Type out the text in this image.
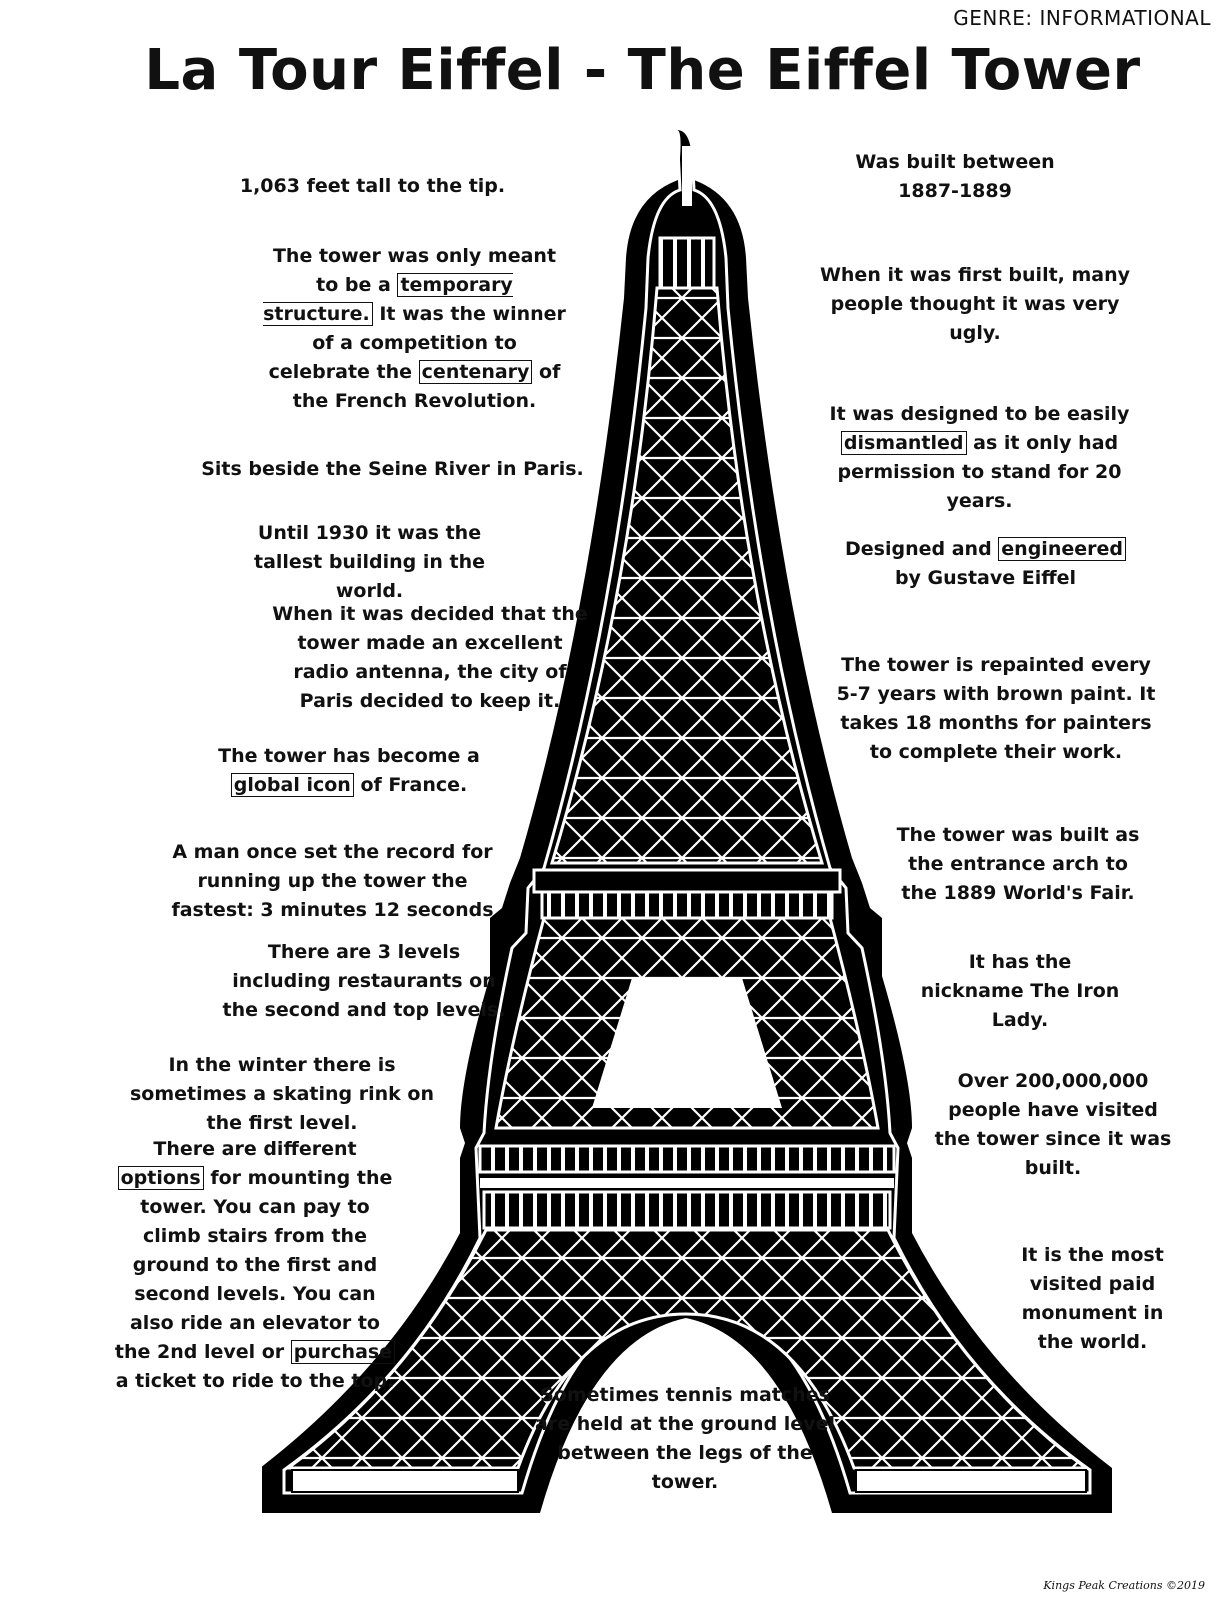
GENRE: INFORMATIONAL
La Tour Eiffel - The Eiffel Tower
1,063 feet tall to the tip.
The tower was only meant to be a temporary structure. It was the winner of a competition to celebrate the centenary of the French Revolution.
Sits beside the Seine River in Paris.
Until 1930 it was the tallest building in the world.
When it was decided that the tower made an excellent radio antenna, the city of Paris decided to keep it.
The tower has become a global icon of France.
A man once set the record for running up the tower the fastest: 3 minutes 12 seconds
There are 3 levels including restaurants on the second and top levels.
In the winter there is sometimes a skating rink on the first level.
There are different options for mounting the tower. You can pay to climb stairs from the ground to the first and second levels. You can also ride an elevator to the 2nd level or purchase a ticket to ride to the top.
Was built between 1887-1889
When it was first built, many people thought it was very ugly.
It was designed to be easily dismantled as it only had permission to stand for 20 years.
Designed and engineered by Gustave Eiffel
The tower is repainted every 5-7 years with brown paint. It takes 18 months for painters to complete their work.
The tower was built as the entrance arch to the 1889 World's Fair.
It has the nickname The Iron Lady.
Over 200,000,000 people have visited the tower since it was built.
It is the most visited paid monument in the world.
Sometimes tennis matches are held at the ground level between the legs of the tower.
Kings Peak Creations ©2019
